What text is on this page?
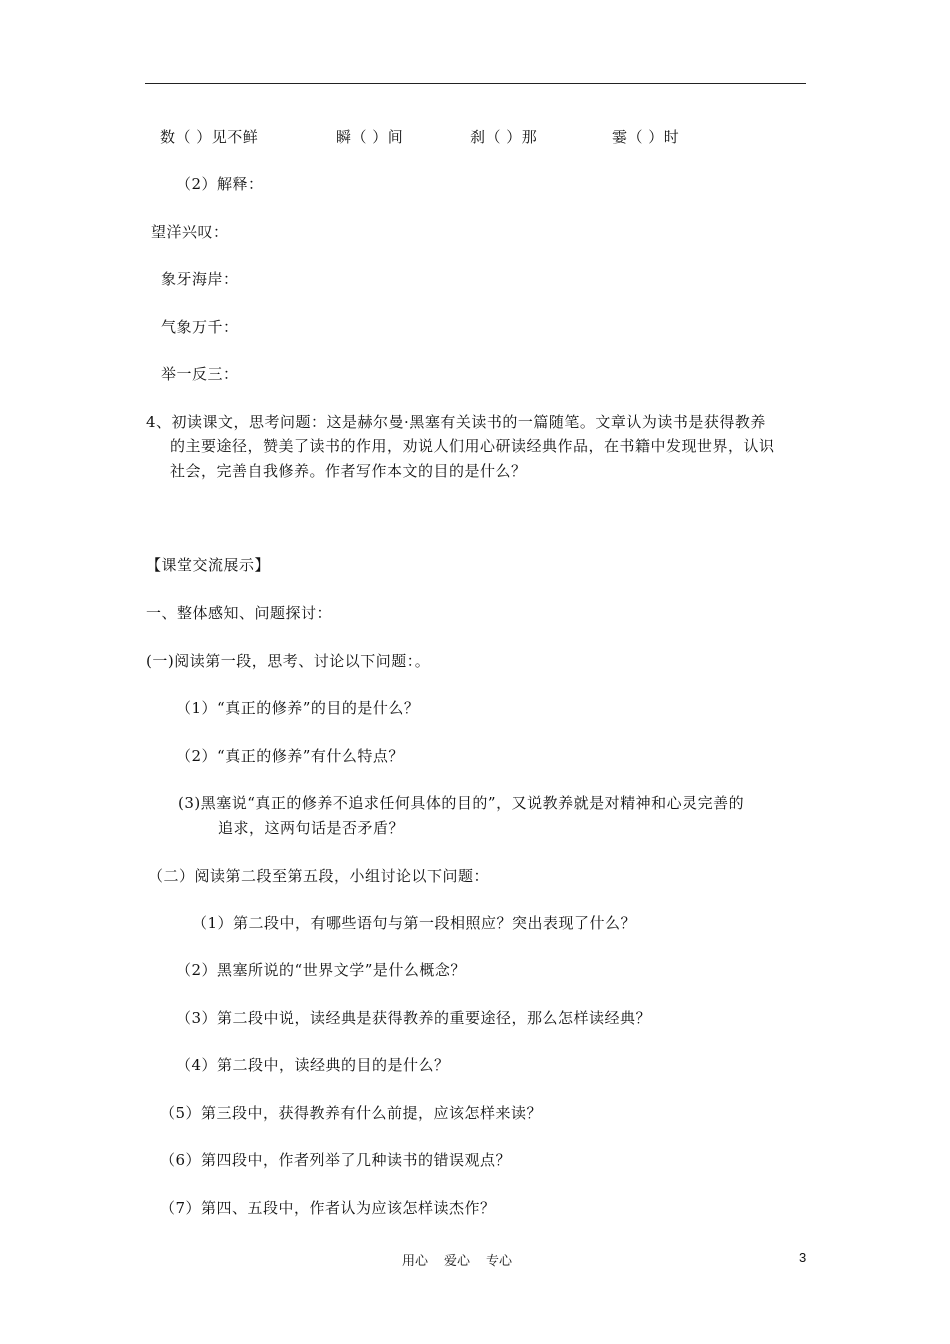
数（ ）见不鲜	瞬（ ）间	刹（ ）那	霎（ ）时
（2）解释：
望洋兴叹：
象牙海岸：
气象万千：
举一反三：
4、初读课文，思考问题：这是赫尔曼·黑塞有关读书的一篇随笔。文章认为读书是获得教养
的主要途径，赞美了读书的作用，劝说人们用心研读经典作品，在书籍中发现世界，认识
社会，完善自我修养。作者写作本文的目的是什么？
【课堂交流展示】
一、整体感知、问题探讨：
(一)阅读第一段，思考、讨论以下问题：。
（1）“真正的修养”的目的是什么？
（2）“真正的修养”有什么特点？
(3)黑塞说“真正的修养不追求任何具体的目的”，又说教养就是对精神和心灵完善的
追求，这两句话是否矛盾？
（二）阅读第二段至第五段，小组讨论以下问题：
（1）第二段中，有哪些语句与第一段相照应？突出表现了什么？
（2）黑塞所说的“世界文学”是什么概念？
（3）第二段中说，读经典是获得教养的重要途径，那么怎样读经典？
（4）第二段中，读经典的目的是什么？
（5）第三段中，获得教养有什么前提，应该怎样来读？
（6）第四段中，作者列举了几种读书的错误观点？
（7）第四、五段中，作者认为应该怎样读杰作？
用心 爱心 专心	3
